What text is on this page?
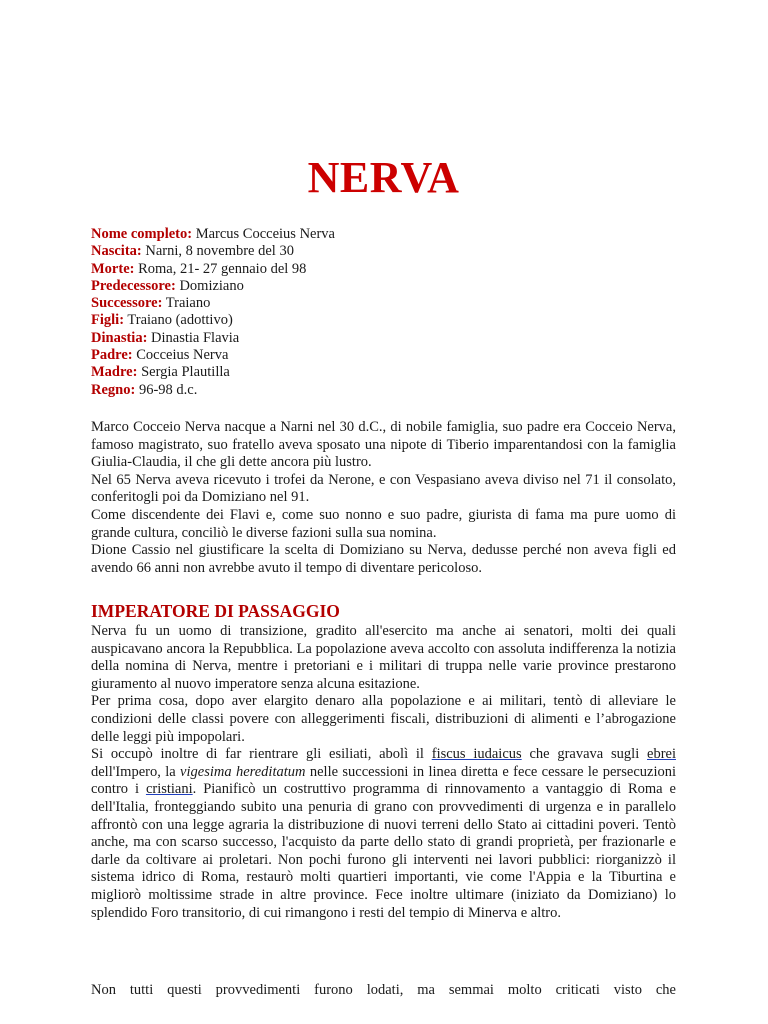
NERVA
Nome completo: Marcus Cocceius Nerva
Nascita: Narni, 8 novembre del 30
Morte: Roma, 21- 27 gennaio del 98
Predecessore: Domiziano
Successore: Traiano
Figli: Traiano (adottivo)
Dinastia: Dinastia Flavia
Padre: Cocceius Nerva
Madre: Sergia Plautilla
Regno: 96-98 d.c.

Marco Cocceio Nerva nacque a Narni nel 30 d.C., di nobile famiglia, suo padre era Cocceio Nerva, famoso magistrato, suo fratello aveva sposato una nipote di Tiberio imparentandosi con la famiglia Giulia-Claudia, il che gli dette ancora più lustro.

Nel 65 Nerva aveva ricevuto i trofei da Nerone, e con Vespasiano aveva diviso nel 71 il consolato, conferitogli poi da Domiziano nel 91.

Come discendente dei Flavi e, come suo nonno e suo padre, giurista di fama ma pure uomo di grande cultura, conciliò le diverse fazioni sulla sua nomina.

Dione Cassio nel giustificare la scelta di Domiziano su Nerva, dedusse perché non aveva figli ed avendo 66 anni non avrebbe avuto il tempo di diventare pericoloso.

IMPERATORE DI PASSAGGIO

Nerva fu un uomo di transizione, gradito all'esercito ma anche ai senatori, molti dei quali auspicavano ancora la Repubblica. La popolazione aveva accolto con assoluta indifferenza la notizia della nomina di Nerva, mentre i pretoriani e i militari di truppa nelle varie province prestarono giuramento al nuovo imperatore senza alcuna esitazione.

Per prima cosa, dopo aver elargito denaro alla popolazione e ai militari, tentò di alleviare le condizioni delle classi povere con alleggerimenti fiscali, distribuzioni di alimenti e l’abrogazione delle leggi più impopolari.

Si occupò inoltre di far rientrare gli esiliati, abolì il fiscus iudaicus che gravava sugli ebrei dell'Impero, la vigesima hereditatum nelle successioni in linea diretta e fece cessare le persecuzioni contro i cristiani. Pianificò un costruttivo programma di rinnovamento a vantaggio di Roma e dell'Italia, fronteggiando subito una penuria di grano con provvedimenti di urgenza e in parallelo affrontò con una legge agraria la distribuzione di nuovi terreni dello Stato ai cittadini poveri. Tentò anche, ma con scarso successo, l'acquisto da parte dello stato di grandi proprietà, per frazionarle e darle da coltivare ai proletari. Non pochi furono gli interventi nei lavori pubblici: riorganizzò il sistema idrico di Roma, restaurò molti quartieri importanti, vie come l'Appia e la Tiburtina e migliorò moltissime strade in altre province. Fece inoltre ultimare (iniziato da Domiziano) lo splendido Foro transitorio, di cui rimangono i resti del tempio di Minerva e altro.

Non tutti questi provvedimenti furono lodati, ma semmai molto criticati visto che
